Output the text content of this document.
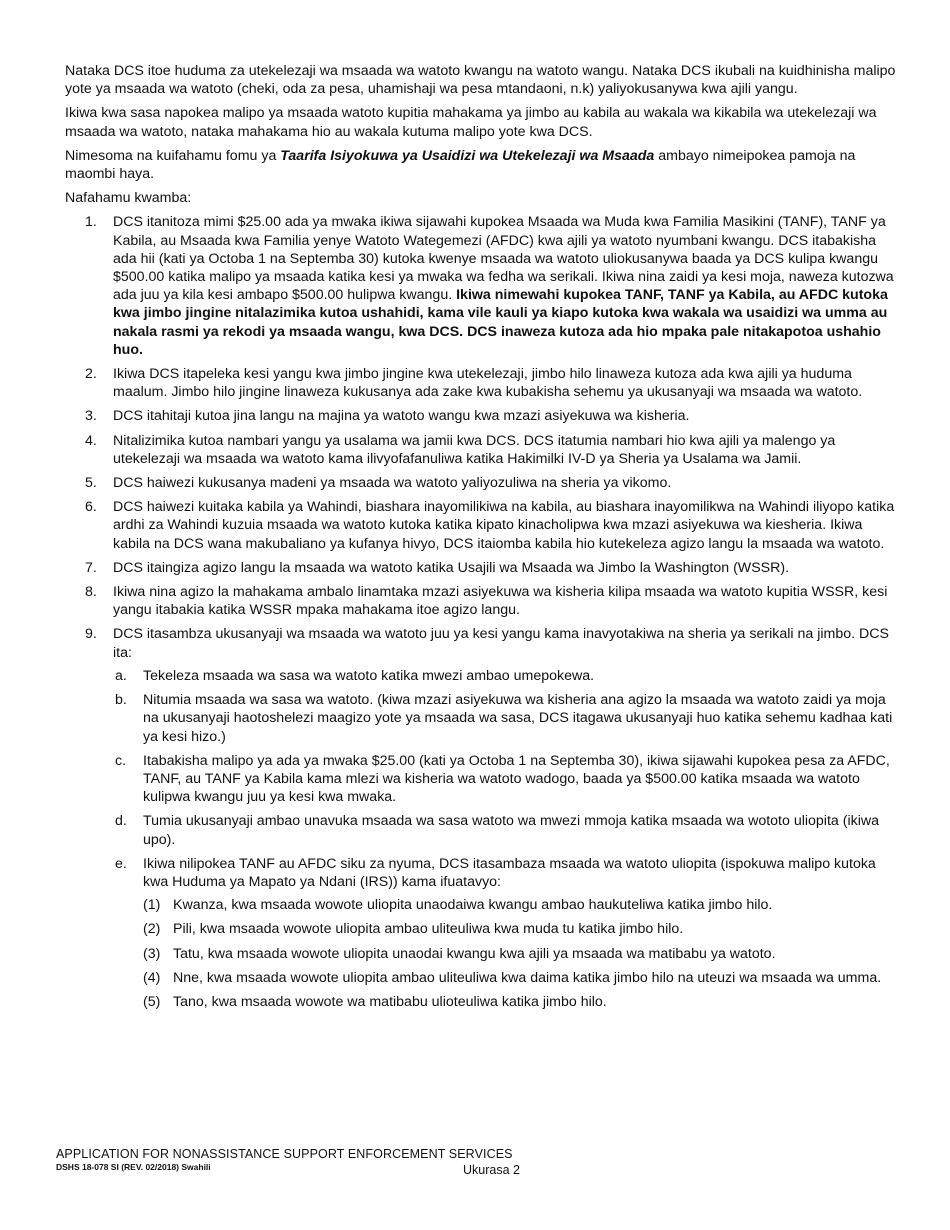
Nataka DCS itoe huduma za utekelezaji wa msaada wa watoto kwangu na watoto wangu. Nataka DCS ikubali na kuidhinisha malipo yote ya msaada wa watoto (cheki, oda za pesa, uhamishaji wa pesa mtandaoni, n.k) yaliyokusanywa kwa ajili yangu.

Ikiwa kwa sasa napokea malipo ya msaada watoto kupitia mahakama ya jimbo au kabila au wakala wa kikabila wa utekelezaji wa msaada wa watoto, nataka mahakama hio au wakala kutuma malipo yote kwa DCS.

Nimesoma na kuifahamu fomu ya Taarifa Isiyokuwa ya Usaidizi wa Utekelezaji wa Msaada ambayo nimeipokea pamoja na maombi haya.

Nafahamu kwamba:

1. DCS itanitoza mimi $25.00 ada ya mwaka ikiwa sijawahi kupokea Msaada wa Muda kwa Familia Masikini (TANF), TANF ya Kabila, au Msaada kwa Familia yenye Watoto Wategemezi (AFDC) kwa ajili ya watoto nyumbani kwangu. DCS itabakisha ada hii (kati ya Octoba 1 na Septemba 30) kutoka kwenye msaada wa watoto uliokusanywa baada ya DCS kulipa kwangu $500.00 katika malipo ya msaada katika kesi ya mwaka wa fedha wa serikali. Ikiwa nina zaidi ya kesi moja, naweza kutozwa ada juu ya kila kesi ambapo $500.00 hulipwa kwangu. Ikiwa nimewahi kupokea TANF, TANF ya Kabila, au AFDC kutoka kwa jimbo jingine nitalazimika kutoa ushahidi, kama vile kauli ya kiapo kutoka kwa wakala wa usaidizi wa umma au nakala rasmi ya rekodi ya msaada wangu, kwa DCS. DCS inaweza kutoza ada hio mpaka pale nitakapotoa ushahio huo.
2. Ikiwa DCS itapeleka kesi yangu kwa jimbo jingine kwa utekelezaji, jimbo hilo linaweza kutoza ada kwa ajili ya huduma maalum. Jimbo hilo jingine linaweza kukusanya ada zake kwa kubakisha sehemu ya ukusanyaji wa msaada wa watoto.
3. DCS itahitaji kutoa jina langu na majina ya watoto wangu kwa mzazi asiyekuwa wa kisheria.
4. Nitalizimika kutoa nambari yangu ya usalama wa jamii kwa DCS. DCS itatumia nambari hio kwa ajili ya malengo ya utekelezaji wa msaada wa watoto kama ilivyofafanuliwa katika Hakimilki IV-D ya Sheria ya Usalama wa Jamii.
5. DCS haiwezi kukusanya madeni ya msaada wa watoto yaliyozuliwa na sheria ya vikomo.
6. DCS haiwezi kuitaka kabila ya Wahindi, biashara inayomilikiwa na kabila, au biashara inayomilikwa na Wahindi iliyopo katika ardhi za Wahindi kuzuia msaada wa watoto kutoka katika kipato kinacholipwa kwa mzazi asiyekuwa wa kiesheria. Ikiwa kabila na DCS wana makubaliano ya kufanya hivyo, DCS itaiomba kabila hio kutekeleza agizo langu la msaada wa watoto.
7. DCS itaingiza agizo langu la msaada wa watoto katika Usajili wa Msaada wa Jimbo la Washington (WSSR).
8. Ikiwa nina agizo la mahakama ambalo linamtaka mzazi asiyekuwa wa kisheria kilipa msaada wa watoto kupitia WSSR, kesi yangu itabakia katika WSSR mpaka mahakama itoe agizo langu.
9. DCS itasambza ukusanyaji wa msaada wa watoto juu ya kesi yangu kama inavyotakiwa na sheria ya serikali na jimbo. DCS ita:
a. Tekeleza msaada wa sasa wa watoto katika mwezi ambao umepokewa.
b. Nitumia msaada wa sasa wa watoto. (kiwa mzazi asiyekuwa wa kisheria ana agizo la msaada wa watoto zaidi ya moja na ukusanyaji haotoshelezi maagizo yote ya msaada wa sasa, DCS itagawa ukusanyaji huo katika sehemu kadhaa kati ya kesi hizo.)
c. Itabakisha malipo ya ada ya mwaka $25.00 (kati ya Octoba 1 na Septemba 30), ikiwa sijawahi kupokea pesa za AFDC, TANF, au TANF ya Kabila kama mlezi wa kisheria wa watoto wadogo, baada ya $500.00 katika msaada wa watoto kulipwa kwangu juu ya kesi kwa mwaka.
d. Tumia ukusanyaji ambao unavuka msaada wa sasa watoto wa mwezi mmoja katika msaada wa wototo uliopita (ikiwa upo).
e. Ikiwa nilipokea TANF au AFDC siku za nyuma, DCS itasambaza msaada wa watoto uliopita (ispokuwa malipo kutoka kwa Huduma ya Mapato ya Ndani (IRS)) kama ifuatavyo:
(1) Kwanza, kwa msaada wowote uliopita unaodaiwa kwangu ambao haukuteliwa katika jimbo hilo.
(2) Pili, kwa msaada wowote uliopita ambao uliteuliwa kwa muda tu katika jimbo hilo.
(3) Tatu, kwa msaada wowote uliopita unaodai kwangu kwa ajili ya msaada wa matibabu ya watoto.
(4) Nne, kwa msaada wowote uliopita ambao uliteuliwa kwa daima katika jimbo hilo na uteuzi wa msaada wa umma.
(5) Tano, kwa msaada wowote wa matibabu ulioteuliwa katika jimbo hilo.
APPLICATION FOR NONASSISTANCE SUPPORT ENFORCEMENT SERVICES
DSHS 18-078 SI (REV. 02/2018) Swahili	Ukurasa 2
